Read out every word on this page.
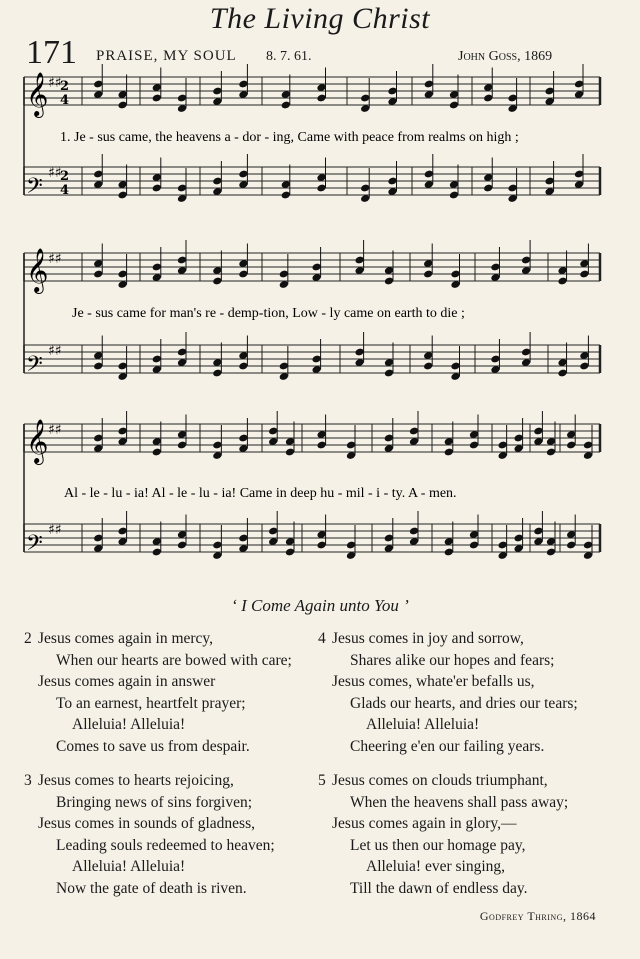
The Living Christ
171 PRAISE, MY SOUL 8. 7. 61.	John Goss, 1869
𝄞 ♯♯
𝄢
♯♯
𝄞 ♯♯
𝄢
♯♯
𝄞 ♯♯
𝄢
♯♯
2
4
2
4
1. Je - sus came, the heavens a - dor - ing, Came with peace from realms on high ;
Je - sus came for man's re - demp-tion, Low - ly came on earth to die ;
Al - le - lu - ia! Al - le - lu - ia! Came in deep hu - mil - i - ty. A - men.
‘ I Come Again unto You ’
Jesus comes again in mercy,
When our hearts are bowed with care;
Jesus comes again in answer
To an earnest, heartfelt prayer;
Alleluia! Alleluia!
Comes to save us from despair.
2
Jesus comes to hearts rejoicing,
Bringing news of sins forgiven;
Jesus comes in sounds of gladness,
Leading souls redeemed to heaven;
Alleluia! Alleluia!
Now the gate of death is riven.
3
Jesus comes in joy and sorrow,
Shares alike our hopes and fears;
Jesus comes, whate'er befalls us,
Glads our hearts, and dries our tears;
Alleluia! Alleluia!
Cheering e'en our failing years.
4
Jesus comes on clouds triumphant,
When the heavens shall pass away;
Jesus comes again in glory,—
Let us then our homage pay,
Alleluia! ever singing,
Till the dawn of endless day.
5
Godfrey Thring, 1864
